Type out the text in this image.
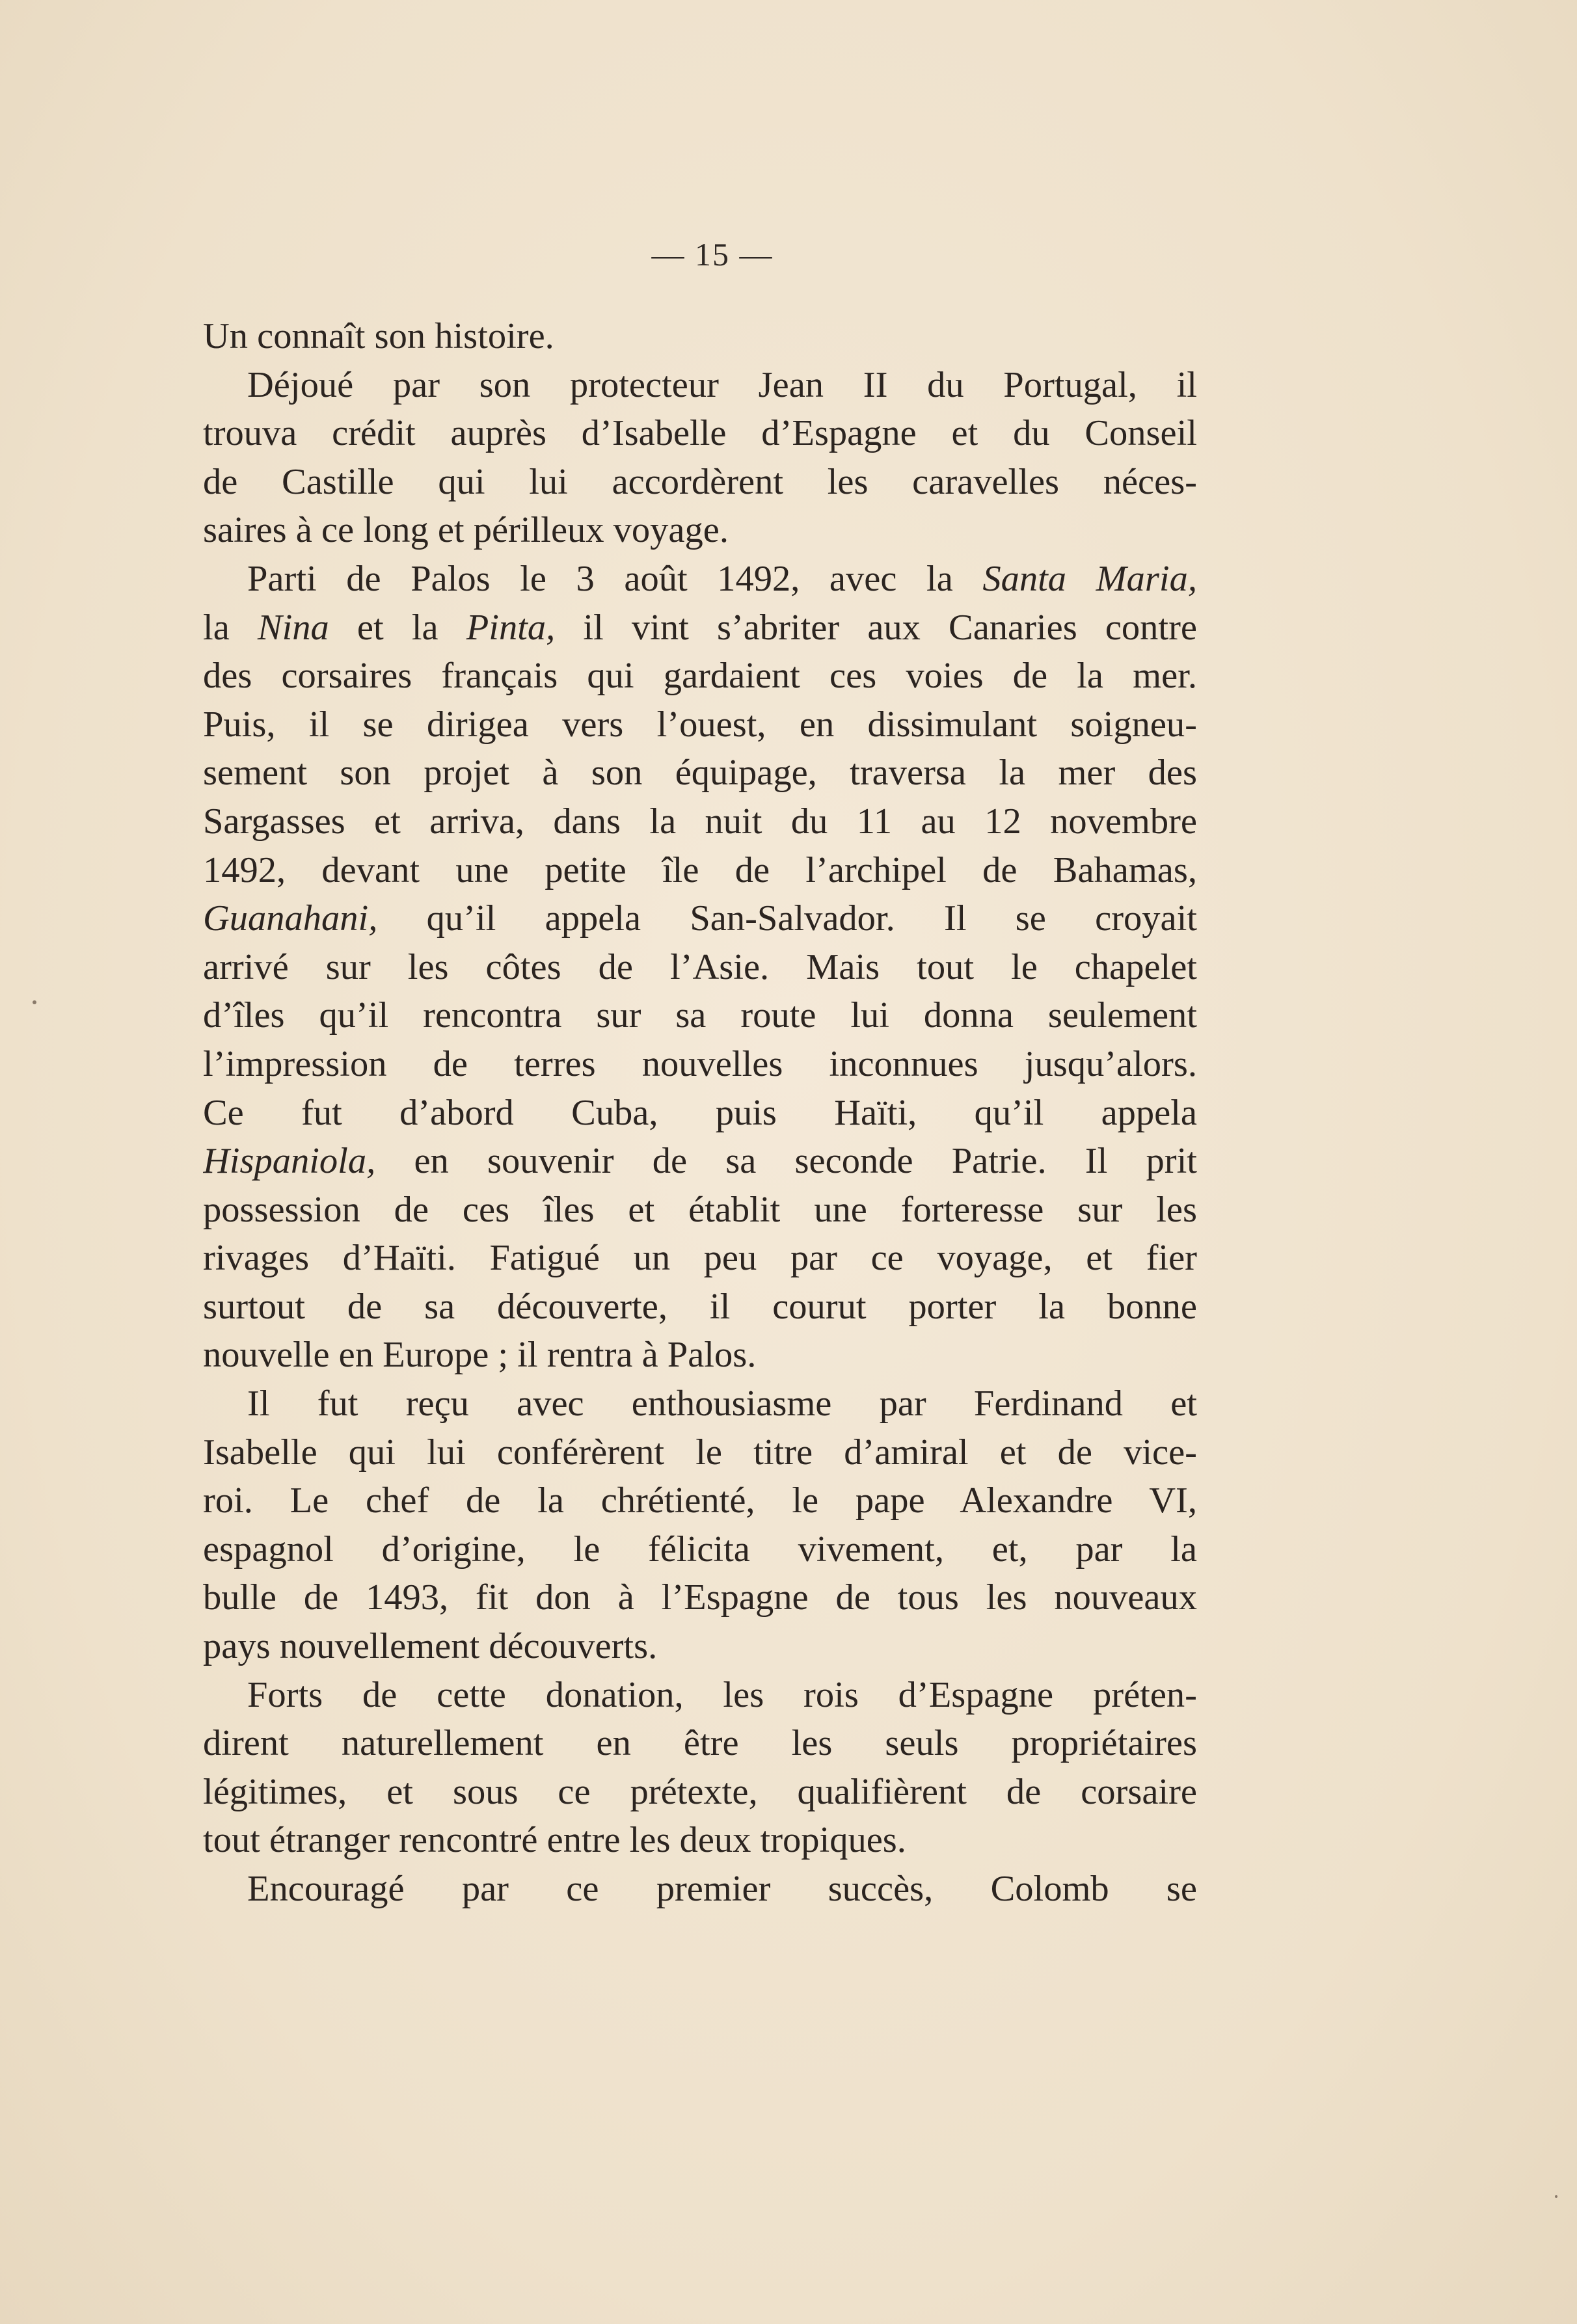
— 15 —
Un connaît son histoire.
Déjoué par son protecteur Jean II du Portugal, il
trouva crédit auprès d’Isabelle d’Espagne et du Conseil
de Castille qui lui accordèrent les caravelles néces-
saires à ce long et périlleux voyage.
Parti de Palos le 3 août 1492, avec la Santa Maria,
la Nina et la Pinta, il vint s’abriter aux Canaries contre
des corsaires français qui gardaient ces voies de la mer.
Puis, il se dirigea vers l’ouest, en dissimulant soigneu-
sement son projet à son équipage, traversa la mer des
Sargasses et arriva, dans la nuit du 11 au 12 novembre
1492, devant une petite île de l’archipel de Bahamas,
Guanahani, qu’il appela San-Salvador. Il se croyait
arrivé sur les côtes de l’Asie. Mais tout le chapelet
d’îles qu’il rencontra sur sa route lui donna seulement
l’impression de terres nouvelles inconnues jusqu’alors.
Ce fut d’abord Cuba, puis Haïti, qu’il appela
Hispaniola, en souvenir de sa seconde Patrie. Il prit
possession de ces îles et établit une forteresse sur les
rivages d’Haïti. Fatigué un peu par ce voyage, et fier
surtout de sa découverte, il courut porter la bonne
nouvelle en Europe ; il rentra à Palos.
Il fut reçu avec enthousiasme par Ferdinand et
Isabelle qui lui conférèrent le titre d’amiral et de vice-
roi. Le chef de la chrétienté, le pape Alexandre VI,
espagnol d’origine, le félicita vivement, et, par la
bulle de 1493, fit don à l’Espagne de tous les nouveaux
pays nouvellement découverts.
Forts de cette donation, les rois d’Espagne préten-
dirent naturellement en être les seuls propriétaires
légitimes, et sous ce prétexte, qualifièrent de corsaire
tout étranger rencontré entre les deux tropiques.
Encouragé par ce premier succès, Colomb se
